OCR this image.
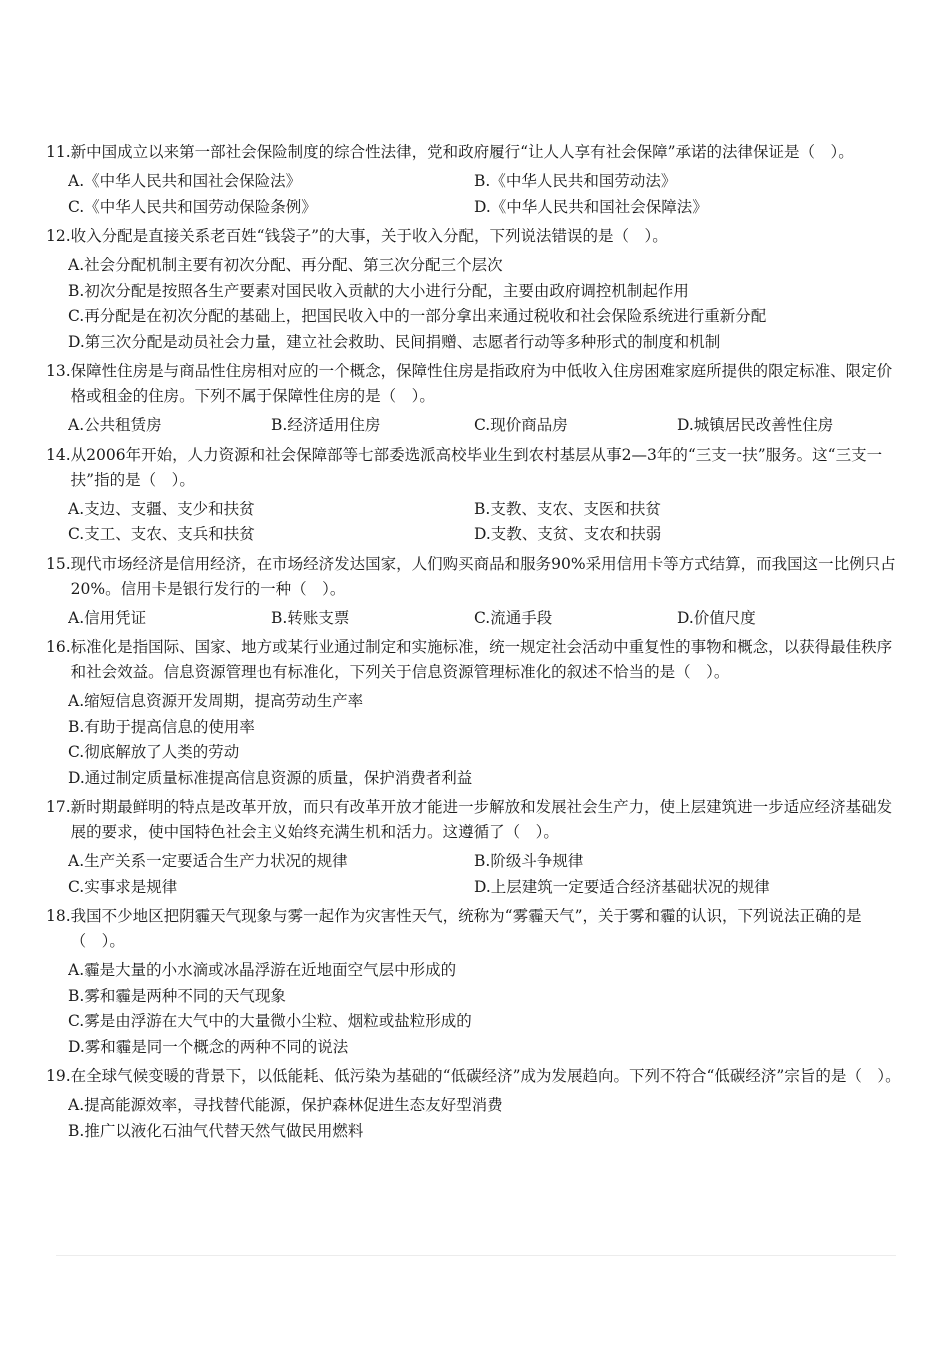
11. 新中国成立以来第一部社会保险制度的综合性法律，党和政府履行“让人人享有社会保障”承诺的法律保证是（　）。
A.《中华人民共和国社会保险法》	B.《中华人民共和国劳动法》
C.《中华人民共和国劳动保险条例》	D.《中华人民共和国社会保障法》
12. 收入分配是直接关系老百姓“钱袋子”的大事，关于收入分配，下列说法错误的是（　）。
A.社会分配机制主要有初次分配、再分配、第三次分配三个层次
B.初次分配是按照各生产要素对国民收入贡献的大小进行分配，主要由政府调控机制起作用
C.再分配是在初次分配的基础上，把国民收入中的一部分拿出来通过税收和社会保险系统进行重新分配
D.第三次分配是动员社会力量，建立社会救助、民间捐赠、志愿者行动等多种形式的制度和机制
13. 保障性住房是与商品性住房相对应的一个概念，保障性住房是指政府为中低收入住房困难家庭所提供的限定标准、限定价格或租金的住房。下列不属于保障性住房的是（　）。
A.公共租赁房	B.经济适用住房	C.现价商品房	D.城镇居民改善性住房
14. 从2006年开始，人力资源和社会保障部等七部委选派高校毕业生到农村基层从事2—3年的“三支一扶”服务。这“三支一扶”指的是（　）。
A.支边、支疆、支少和扶贫	B.支教、支农、支医和扶贫
C.支工、支农、支兵和扶贫	D.支教、支贫、支农和扶弱
15. 现代市场经济是信用经济，在市场经济发达国家，人们购买商品和服务90%采用信用卡等方式结算，而我国这一比例只占20%。信用卡是银行发行的一种（　）。
A.信用凭证	B.转账支票	C.流通手段	D.价值尺度
16. 标准化是指国际、国家、地方或某行业通过制定和实施标准，统一规定社会活动中重复性的事物和概念，以获得最佳秩序和社会效益。信息资源管理也有标准化，下列关于信息资源管理标准化的叙述不恰当的是（　）。
A.缩短信息资源开发周期，提高劳动生产率
B.有助于提高信息的使用率
C.彻底解放了人类的劳动
D.通过制定质量标准提高信息资源的质量，保护消费者利益
17. 新时期最鲜明的特点是改革开放，而只有改革开放才能进一步解放和发展社会生产力，使上层建筑进一步适应经济基础发展的要求，使中国特色社会主义始终充满生机和活力。这遵循了（　）。
A.生产关系一定要适合生产力状况的规律	B.阶级斗争规律
C.实事求是规律	D.上层建筑一定要适合经济基础状况的规律
18. 我国不少地区把阴霾天气现象与雾一起作为灾害性天气，统称为“雾霾天气”，关于雾和霾的认识，下列说法正确的是（　）。
A.霾是大量的小水滴或冰晶浮游在近地面空气层中形成的
B.雾和霾是两种不同的天气现象
C.雾是由浮游在大气中的大量微小尘粒、烟粒或盐粒形成的
D.雾和霾是同一个概念的两种不同的说法
19. 在全球气候变暖的背景下，以低能耗、低污染为基础的“低碳经济”成为发展趋向。下列不符合“低碳经济”宗旨的是（　）。
A.提高能源效率，寻找替代能源，保护森林促进生态友好型消费
B.推广以液化石油气代替天然气做民用燃料
